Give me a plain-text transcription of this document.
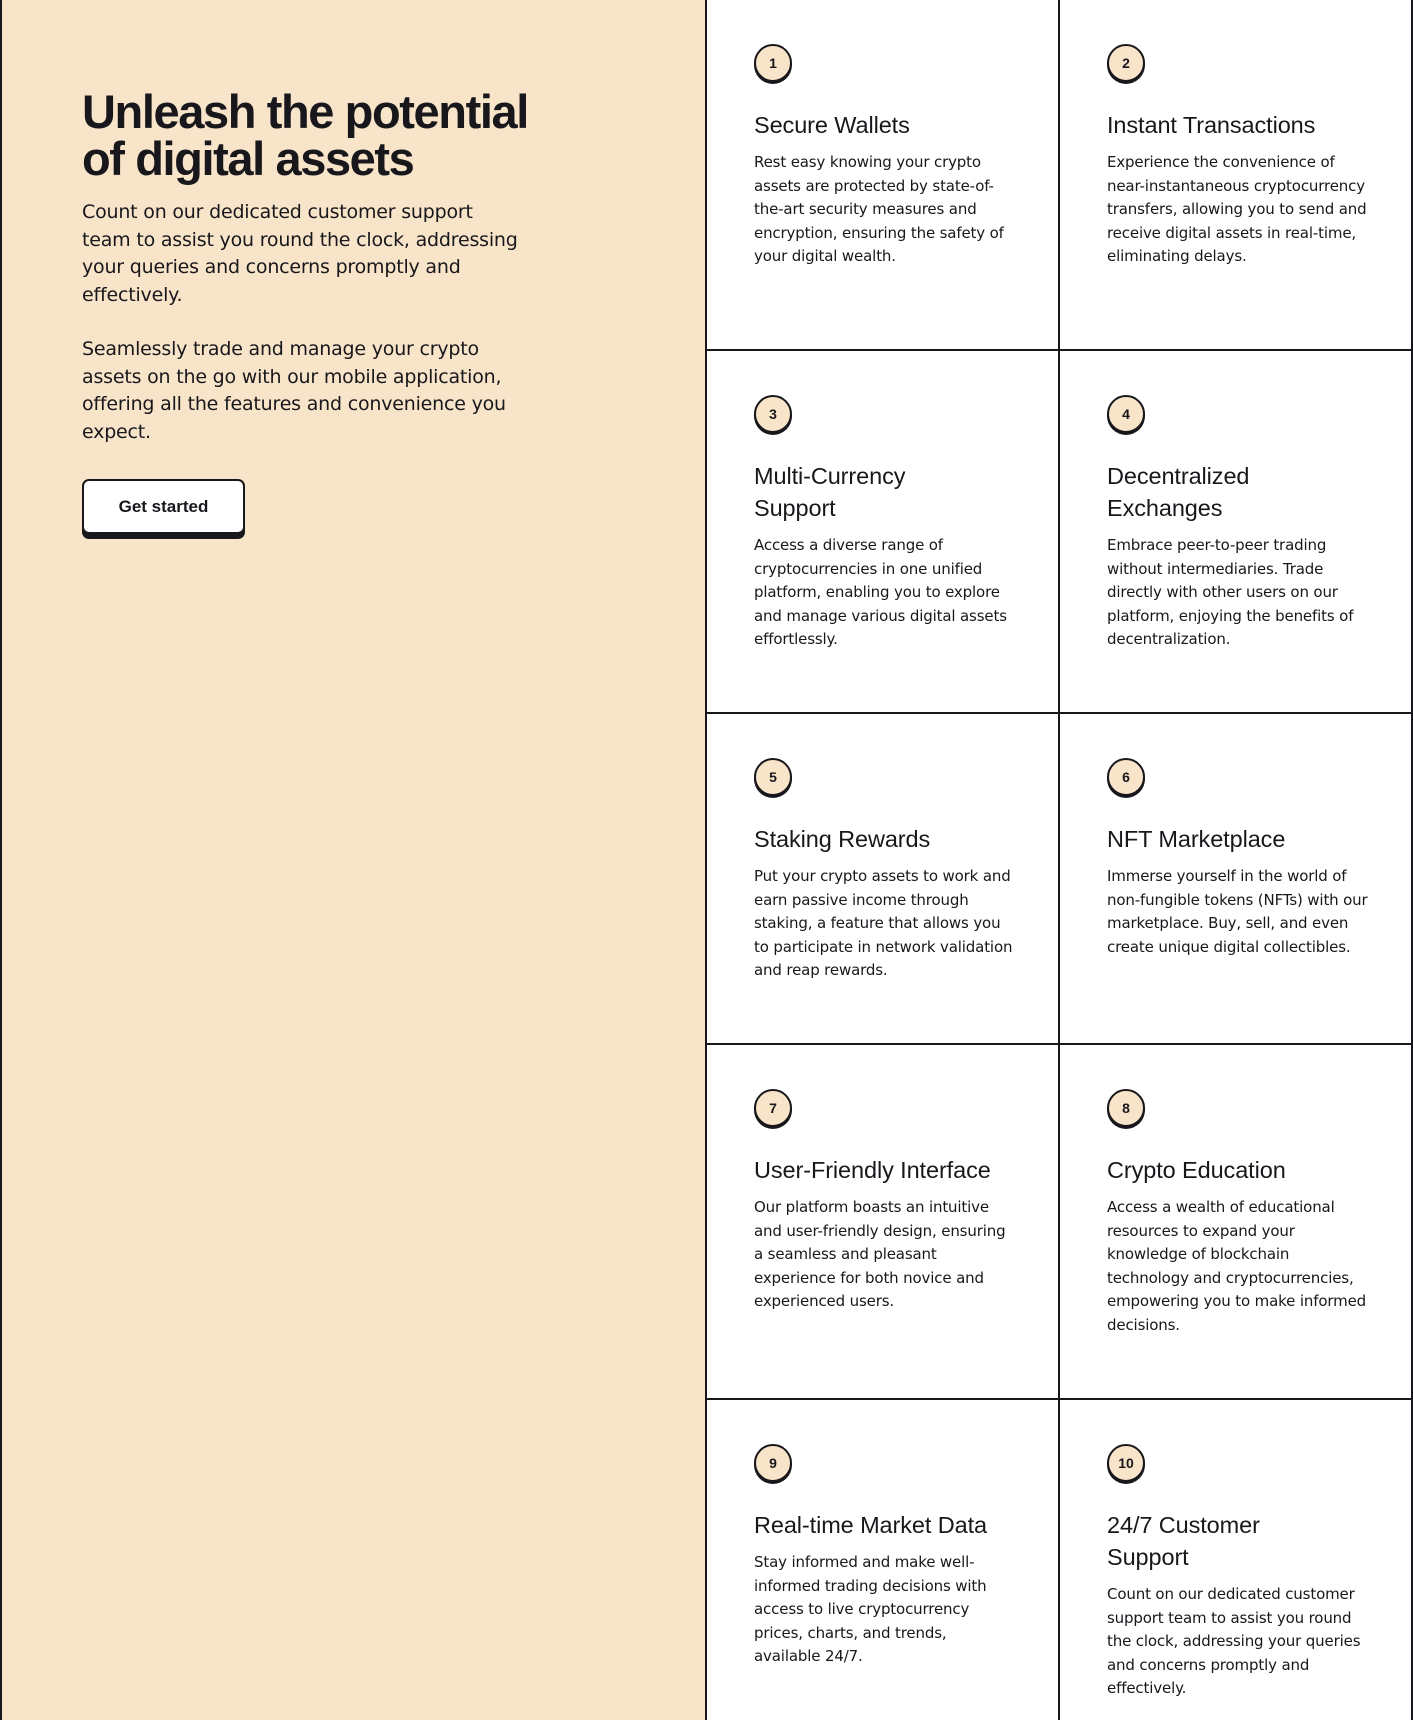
Unleash the potential of digital assets

Count on our dedicated customer support team to assist you round the clock, addressing your queries and concerns promptly and effectively.

Seamlessly trade and manage your crypto assets on the go with our mobile application, offering all the features and convenience you expect.

Get started
1
Secure Wallets

Rest easy knowing your crypto assets are protected by state-of-the-art security measures and encryption, ensuring the safety of your digital wealth.

2
Instant Transactions

Experience the convenience of near-instantaneous cryptocurrency transfers, allowing you to send and receive digital assets in real-time, eliminating delays.

3
Multi-Currency Support

Access a diverse range of cryptocurrencies in one unified platform, enabling you to explore and manage various digital assets effortlessly.

4
Decentralized Exchanges

Embrace peer-to-peer trading without intermediaries. Trade directly with other users on our platform, enjoying the benefits of decentralization.

5
Staking Rewards

Put your crypto assets to work and earn passive income through staking, a feature that allows you to participate in network validation and reap rewards.

6
NFT Marketplace

Immerse yourself in the world of non-fungible tokens (NFTs) with our marketplace. Buy, sell, and even create unique digital collectibles.

7
User-Friendly Interface

Our platform boasts an intuitive and user-friendly design, ensuring a seamless and pleasant experience for both novice and experienced users.

8
Crypto Education

Access a wealth of educational resources to expand your knowledge of blockchain technology and cryptocurrencies, empowering you to make informed decisions.

9
Real-time Market Data

Stay informed and make well-informed trading decisions with access to live cryptocurrency prices, charts, and trends, available 24/7.

10
24/7 Customer Support

Count on our dedicated customer support team to assist you round the clock, addressing your queries and concerns promptly and effectively.
